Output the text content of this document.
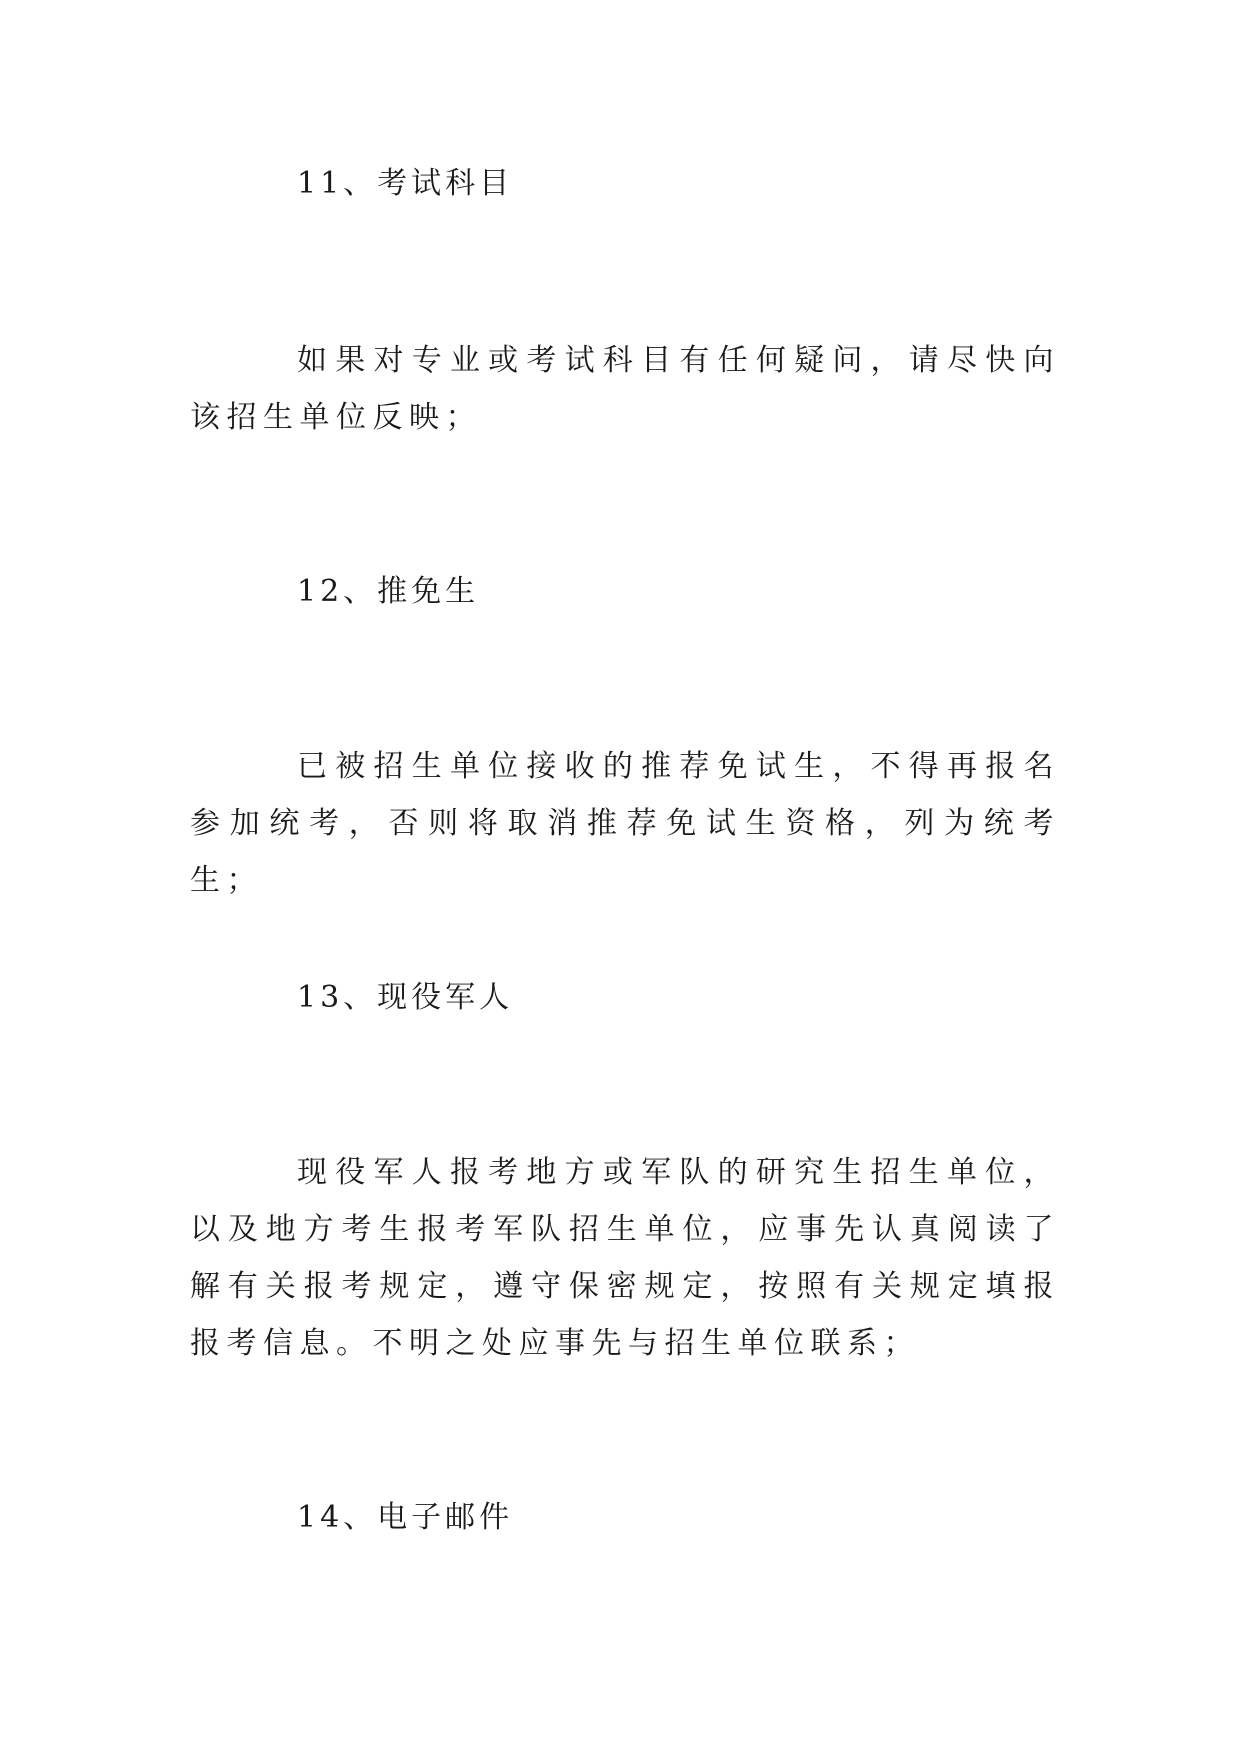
11、考试科目
如果对专业或考试科目有任何疑问，请尽快向该招生单位反映；
12、推免生
已被招生单位接收的推荐免试生，不得再报名参加统考，否则将取消推荐免试生资格，列为统考生；
13、现役军人
现役军人报考地方或军队的研究生招生单位，以及地方考生报考军队招生单位，应事先认真阅读了解有关报考规定，遵守保密规定，按照有关规定填报报考信息。不明之处应事先与招生单位联系；
14、电子邮件
